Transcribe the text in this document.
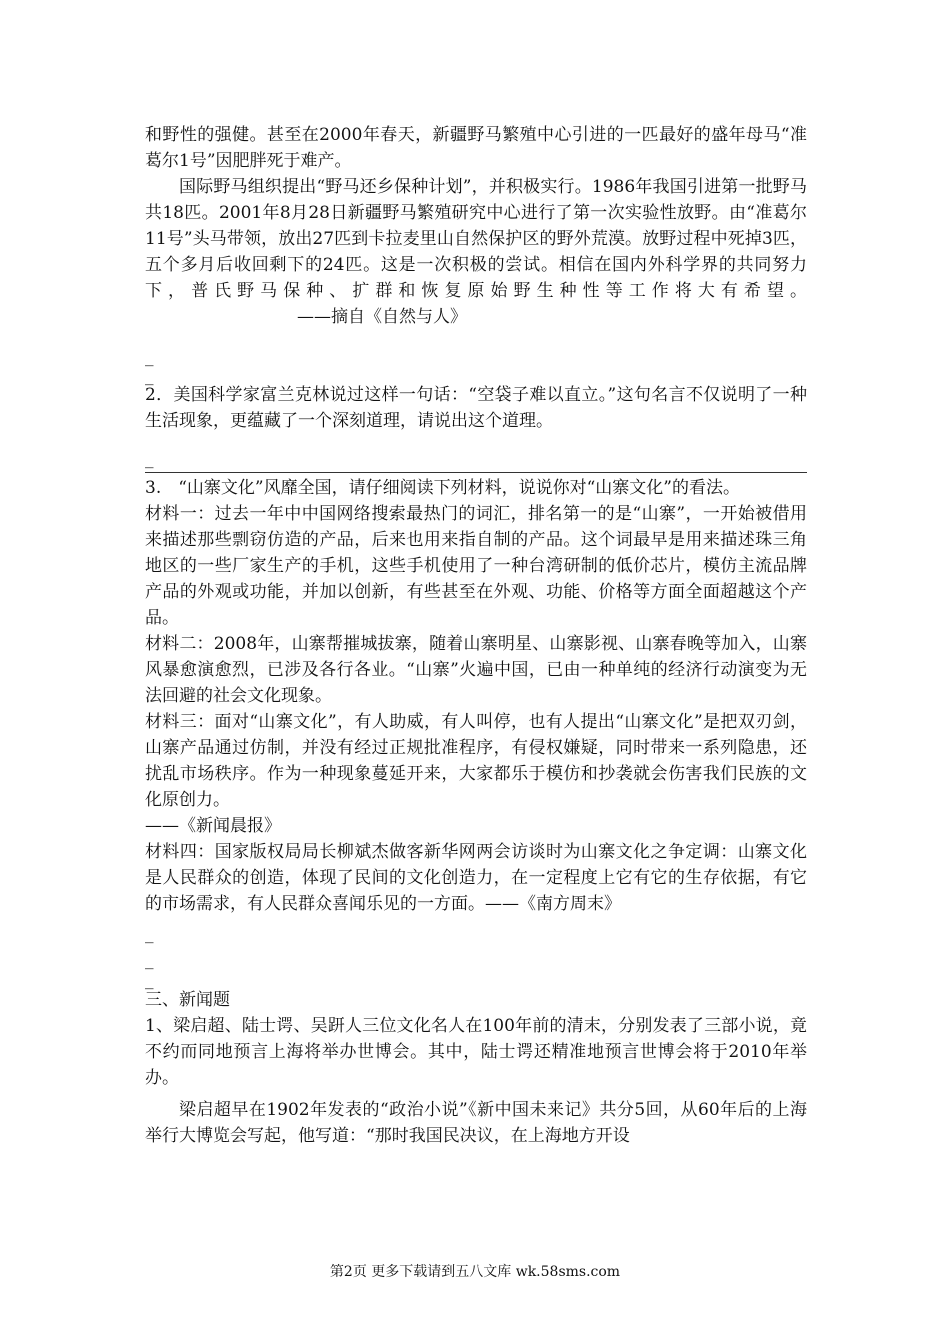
和野性的强健。甚至在2000年春天，新疆野马繁殖中心引进的一匹最好的盛年母马“准葛尔1号”因肥胖死于难产。

国际野马组织提出“野马还乡保种计划”，并积极实行。1986年我国引进第一批野马共18匹。2001年8月28日新疆野马繁殖研究中心进行了第一次实验性放野。由“准葛尔11号”头马带领，放出27匹到卡拉麦里山自然保护区的野外荒漠。放野过程中死掉3匹，五个多月后收回剩下的24匹。这是一次积极的尝试。相信在国内外科学界的共同努力下，普氏野马保种、扩群和恢复原始野生种性等工作将大有希望。——摘自《自然与人》

_
_

2．美国科学家富兰克林说过这样一句话：“空袋子难以直立。”这句名言不仅说明了一种生活现象，更蕴藏了一个深刻道理，请说出这个道理。

_

3.　“山寨文化”风靡全国，请仔细阅读下列材料，说说你对“山寨文化”的看法。

材料一：过去一年中中国网络搜索最热门的词汇，排名第一的是“山寨”，一开始被借用来描述那些剽窃仿造的产品，后来也用来指自制的产品。这个词最早是用来描述珠三角地区的一些厂家生产的手机，这些手机使用了一种台湾研制的低价芯片，模仿主流品牌产品的外观或功能，并加以创新，有些甚至在外观、功能、价格等方面全面超越这个产品。

材料二：2008年，山寨帮摧城拔寨，随着山寨明星、山寨影视、山寨春晚等加入，山寨风暴愈演愈烈，已涉及各行各业。“山寨”火遍中国，已由一种单纯的经济行动演变为无法回避的社会文化现象。

材料三：面对“山寨文化”，有人助威，有人叫停，也有人提出“山寨文化”是把双刃剑，山寨产品通过仿制，并没有经过正规批准程序，有侵权嫌疑，同时带来一系列隐患，还扰乱市场秩序。作为一种现象蔓延开来，大家都乐于模仿和抄袭就会伤害我们民族的文化原创力。

——《新闻晨报》

材料四：国家版权局局长柳斌杰做客新华网两会访谈时为山寨文化之争定调：山寨文化是人民群众的创造，体现了民间的文化创造力，在一定程度上它有它的生存依据，有它的市场需求，有人民群众喜闻乐见的一方面。——《南方周末》

_
_
_

三、新闻题

1、梁启超、陆士谔、吴趼人三位文化名人在100年前的清末，分别发表了三部小说，竟不约而同地预言上海将举办世博会。其中，陆士谔还精准地预言世博会将于2010年举办。

梁启超早在1902年发表的“政治小说”《新中国未来记》共分5回，从60年后的上海举行大博览会写起，他写道：“那时我国民决议，在上海地方开设

第2页 更多下载请到五八文库 wk.58sms.com
